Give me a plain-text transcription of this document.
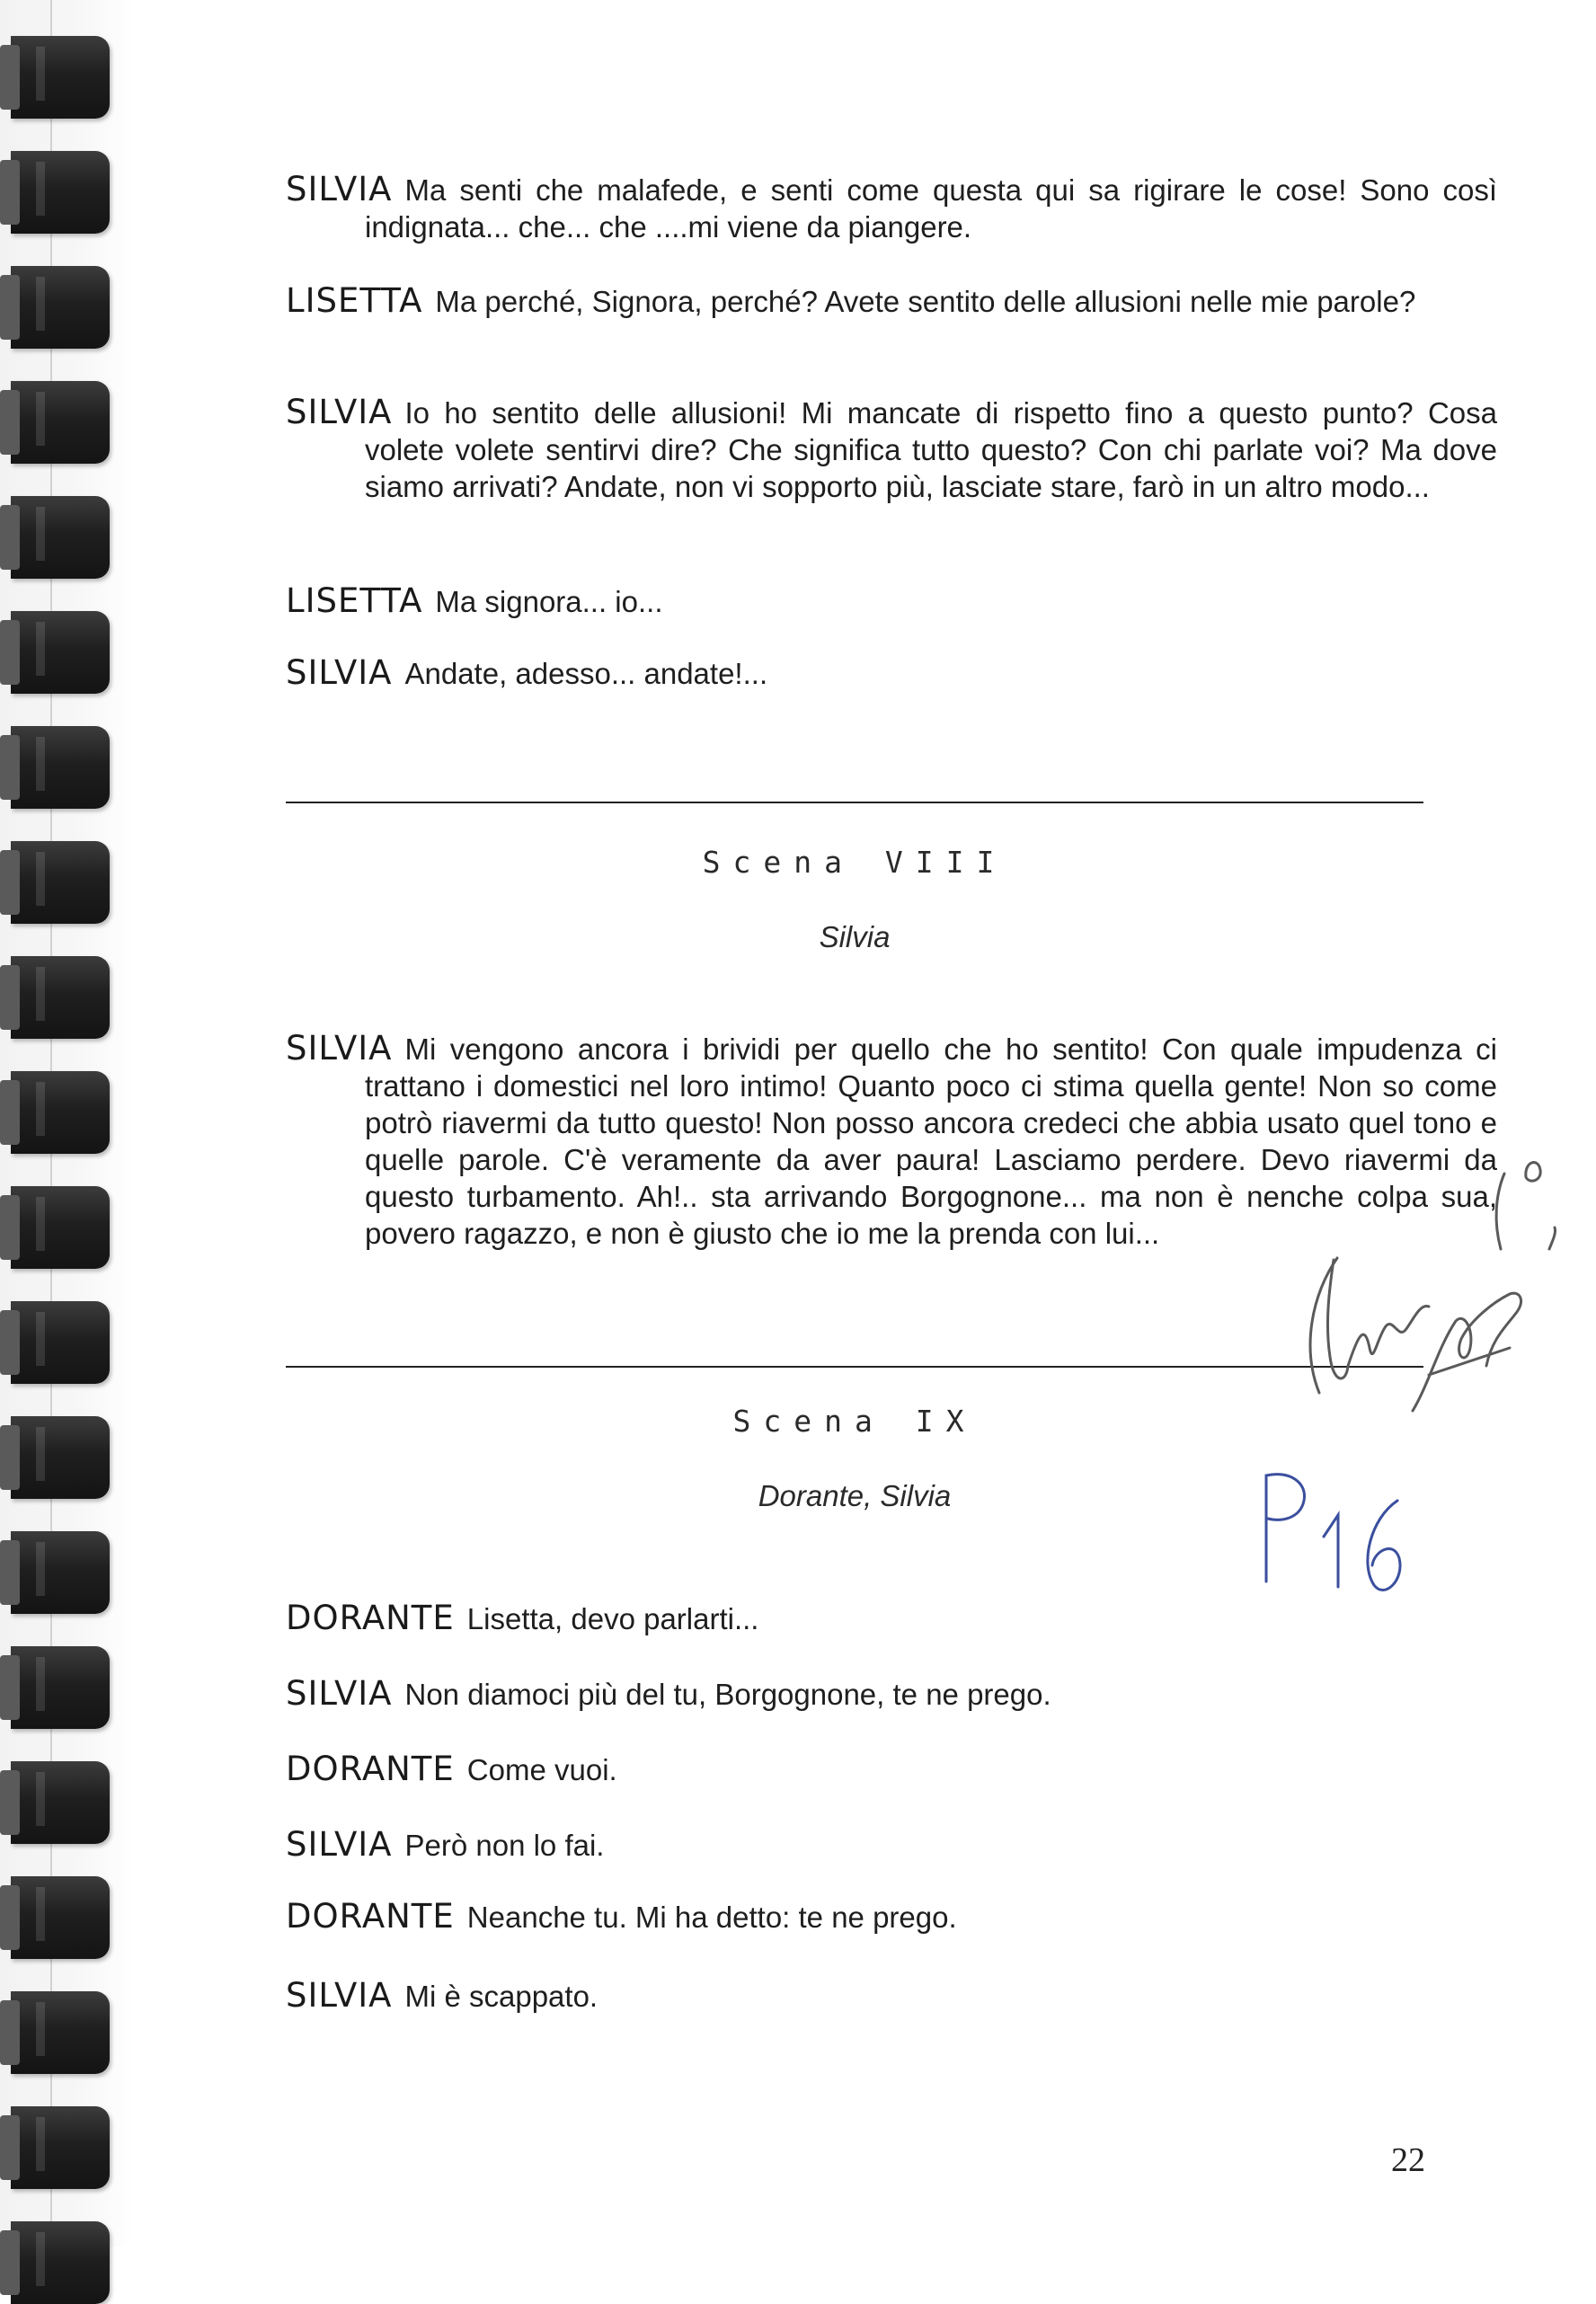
SILVIA Ma senti che malafede, e senti come questa qui sa rigirare le cose! Sono così indignata... che... che ....mi viene da piangere.
LISETTA Ma perché, Signora, perché? Avete sentito delle allusioni nelle mie parole?
SILVIA Io ho sentito delle allusioni! Mi mancate di rispetto fino a questo punto? Cosa volete volete sentirvi dire? Che significa tutto questo? Con chi parlate voi? Ma dove siamo arrivati? Andate, non vi sopporto più, lasciate stare, farò in un altro modo...
LISETTA Ma signora... io...
SILVIA Andate, adesso... andate!...
Scena VIII
Silvia
SILVIA Mi vengono ancora i brividi per quello che ho sentito! Con quale impudenza ci trattano i domestici nel loro intimo! Quanto poco ci stima quella gente! Non so come potrò riavermi da tutto questo! Non posso ancora credeci che abbia usato quel tono e quelle parole. C'è veramente da aver paura! Lasciamo perdere. Devo riavermi da questo turbamento. Ah!.. sta arrivando Borgognone... ma non è nenche colpa sua, povero ragazzo, e non è giusto che io me la prenda con lui...
Scena IX
Dorante, Silvia
DORANTE Lisetta, devo parlarti...
SILVIA Non diamoci più del tu, Borgognone, te ne prego.
DORANTE Come vuoi.
SILVIA Però non lo fai.
DORANTE Neanche tu. Mi ha detto: te ne prego.
SILVIA Mi è scappato.
22
